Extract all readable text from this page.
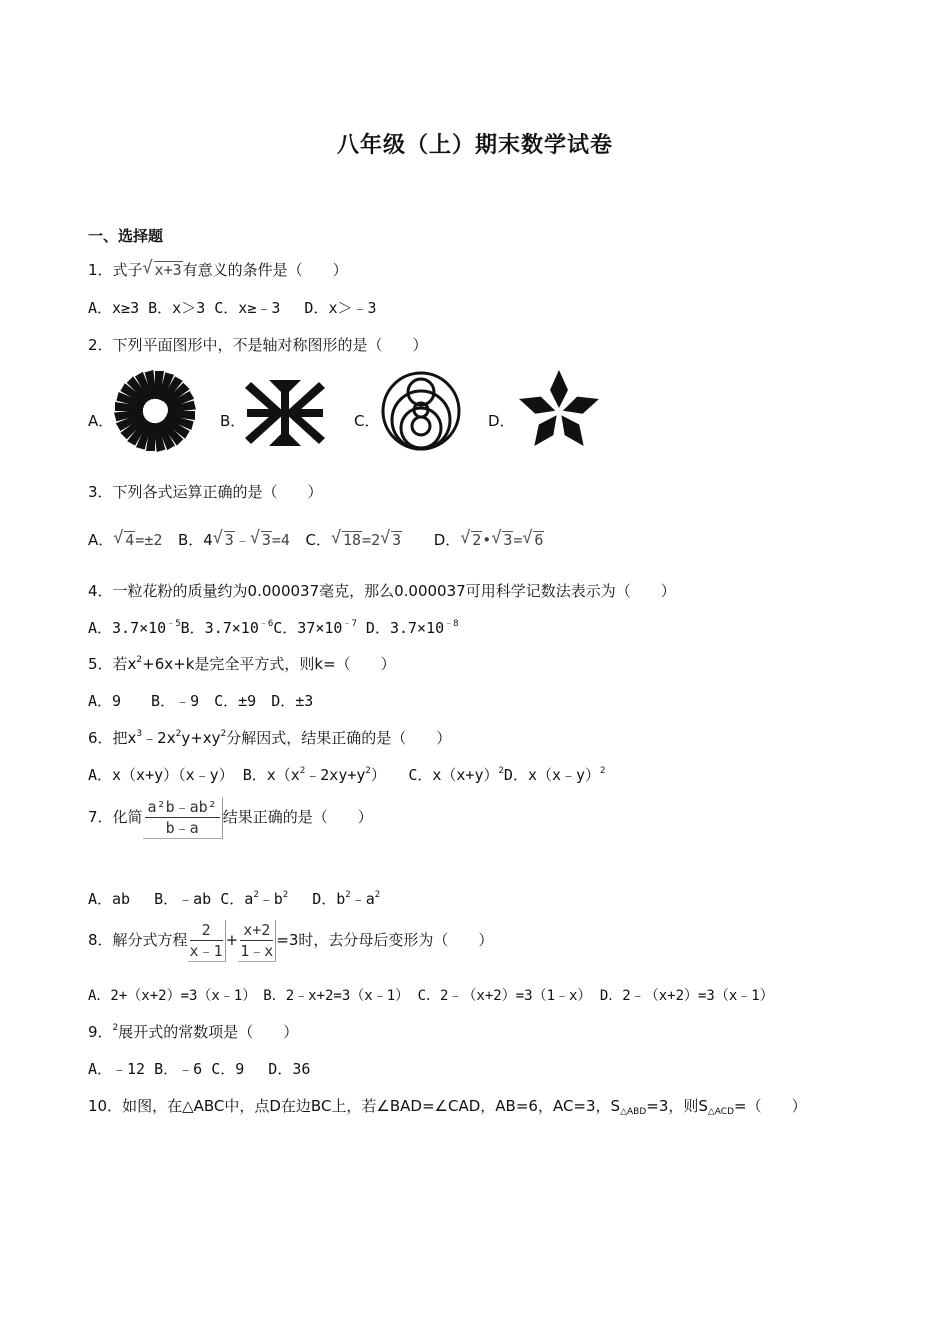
八年级（上）期末数学试卷
一、选择题
1．式子 √ x+3有意义的条件是（　　）
A．x≥3 B．x＞3 C．x≥﹣3　 D．x＞﹣3
2．下列平面图形中，不是轴对称图形的是（　　）
A．	B．	C．	D．
3．下列各式运算正确的是（　　）
A． √ 4=±2 B．4 √ 3﹣ √ 3=4 C． √ 18=2 √ 3 D． √ 2• √ 3= √ 6
4．一粒花粉的质量约为0.000037毫克，那么0.000037可用科学记数法表示为（　　）
A．$3.7\times 10^{﹣5}B$．$3.7\times 10^{﹣6}C$．$37\times 10^{﹣7}$ D．$3.7\times 10^{﹣8}$
5．若$x^2+6x+k$是完全平方式，则k=（　　）
A．9　　B．﹣9　C．±9　D．±3
6．把$x^3﹣2x^2y+xy^2$分解因式，结果正确的是（　　）
A．x（x+y）（x﹣y） B．$x(x^2﹣2xy+y^2)$　　C．$x(x+y)^2D$．x（x﹣y）$^2$
7．化简 $\frac{\text{a²b﹣ab²}}{b﹣a}$ 结果正确的是（　　）
A．ab　 B．﹣ab C．$a^2﹣b^2$　 D．$b^2﹣a^2$
8．解分式方程 $\frac{2}{x﹣1} + \frac{x+2}{1﹣x} =3$时，去分母后变形为（　　）
A．2+（x+2）=3（x﹣1）　B．2﹣x+2=3（x﹣1） C．2﹣（x+2）=3（1﹣x） D．2﹣（x+2）=3（x﹣1）
9．$^2$展开式的常数项是（　　）
A．﹣12 B．﹣6 C．9　 D．36
10．如图，在△ABC中，点D在边BC上，若∠BAD=∠CAD，AB=6，AC=3，$S_{\triangle ABD}=3$，则$S_{\triangle ACD}=$（　　）
